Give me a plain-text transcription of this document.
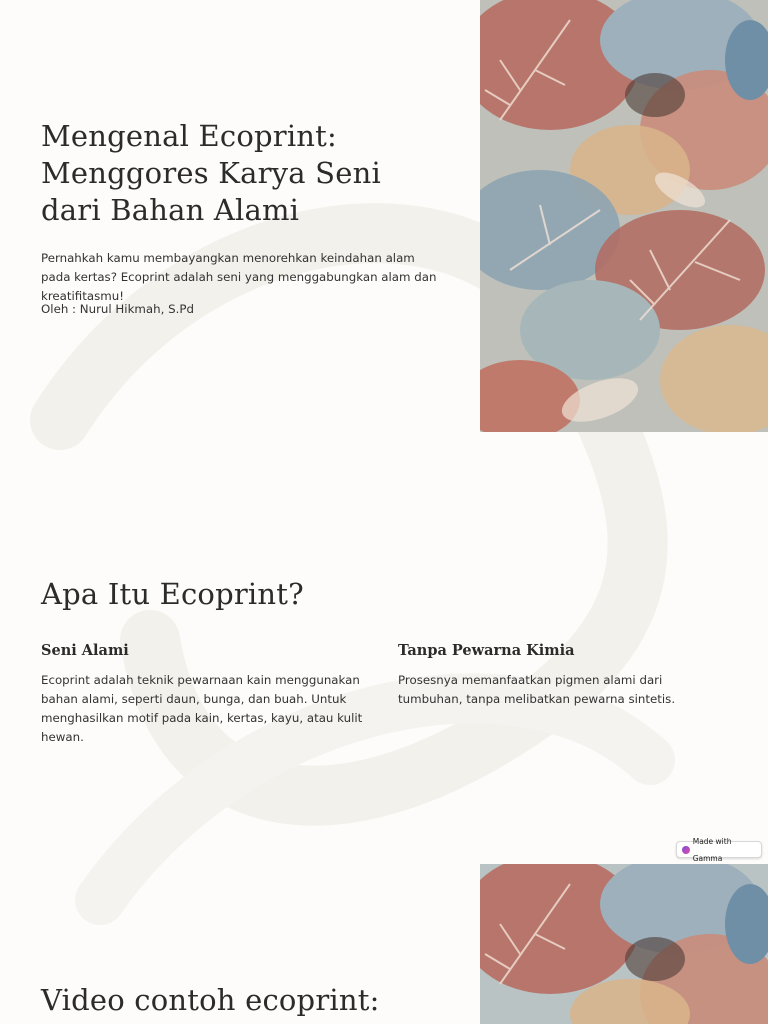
Mengenal Ecoprint:
Menggores Karya Seni
dari Bahan Alami

Pernahkah kamu membayangkan menorehkan keindahan alam pada kertas? Ecoprint adalah seni yang menggabungkan alam dan kreatifitasmu!

Oleh : Nurul Hikmah, S.Pd

Apa Itu Ecoprint?
Seni Alami

Ecoprint adalah teknik pewarnaan kain menggunakan bahan alami, seperti daun, bunga, dan buah. Untuk menghasilkan motif pada kain, kertas, kayu, atau kulit hewan.

Tanpa Pewarna Kimia

Prosesnya memanfaatkan pigmen alami dari tumbuhan, tanpa melibatkan pewarna sintetis.

Made with Gamma
Video contoh ecoprint:
